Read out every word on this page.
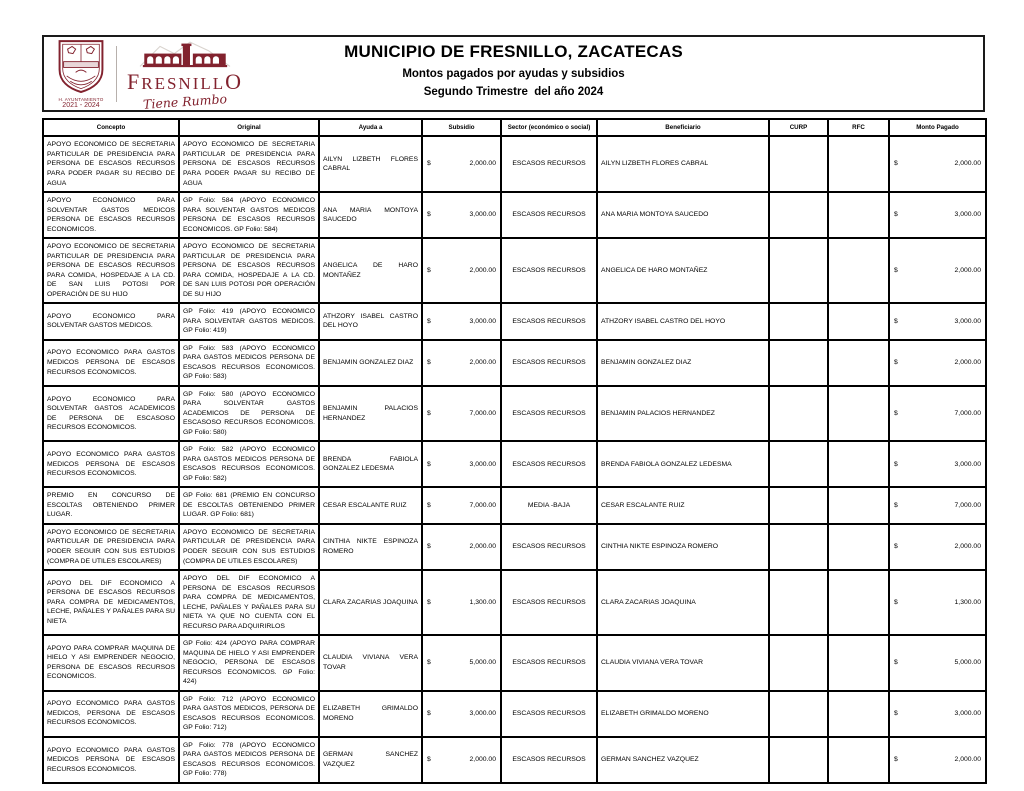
H. AYUNTAMIENTO
2021 - 2024
FRESNILLO
Tiene Rumbo
MUNICIPIO DE FRESNILLO, ZACATECAS
Montos pagados por ayudas y subsidios
Segundo Trimestre  del año 2024
Concepto	Original	Ayuda a	Subsidio	Sector (económico o social)	Beneficiario	CURP	RFC	Monto Pagado
APOYO ECONOMICO DE SECRETARIA PARTICULAR DE PRESIDENCIA PARA PERSONA DE ESCASOS RECURSOS PARA PODER PAGAR SU RECIBO DE AGUA	APOYO ECONOMICO DE SECRETARIA PARTICULAR DE PRESIDENCIA PARA PERSONA DE ESCASOS RECURSOS PARA PODER PAGAR SU RECIBO DE AGUA	AILYN LIZBETH FLORES CABRAL	$ 2,000.00	ESCASOS RECURSOS	AILYN LIZBETH FLORES CABRAL			$ 2,000.00

APOYO ECONOMICO PARA SOLVENTAR GASTOS MEDICOS PERSONA DE ESCASOS RECURSOS ECONOMICOS.	GP Folio: 584 (APOYO ECONOMICO PARA SOLVENTAR GASTOS MEDICOS PERSONA DE ESCASOS RECURSOS ECONOMICOS. GP Folio: 584)	ANA MARIA MONTOYA SAUCEDO	$ 3,000.00	ESCASOS RECURSOS	ANA MARIA MONTOYA SAUCEDO			$ 3,000.00

APOYO ECONOMICO DE SECRETARIA PARTICULAR DE PRESIDENCIA PARA PERSONA DE ESCASOS RECURSOS PARA COMIDA, HOSPEDAJE A LA CD. DE SAN LUIS POTOSI POR OPERACIÓN DE SU HIJO	APOYO ECONOMICO DE SECRETARIA PARTICULAR DE PRESIDENCIA PARA PERSONA DE ESCASOS RECURSOS PARA COMIDA, HOSPEDAJE A LA CD. DE SAN LUIS POTOSI POR OPERACIÓN DE SU HIJO	ANGELICA DE HARO MONTAÑEZ	$ 2,000.00	ESCASOS RECURSOS	ANGELICA DE HARO MONTAÑEZ			$ 2,000.00

APOYO ECONOMICO PARA SOLVENTAR GASTOS MEDICOS.	GP Folio: 419 (APOYO ECONOMICO PARA SOLVENTAR GASTOS MEDICOS. GP Folio: 419)	ATHZORY ISABEL CASTRO DEL HOYO	$ 3,000.00	ESCASOS RECURSOS	ATHZORY ISABEL CASTRO DEL HOYO			$ 3,000.00

APOYO ECONOMICO PARA GASTOS MEDICOS PERSONA DE ESCASOS RECURSOS ECONOMICOS.	GP Folio: 583 (APOYO ECONOMICO PARA GASTOS MEDICOS PERSONA DE ESCASOS RECURSOS ECONOMICOS. GP Folio: 583)	BENJAMIN GONZALEZ DIAZ	$ 2,000.00	ESCASOS RECURSOS	BENJAMIN GONZALEZ DIAZ			$ 2,000.00

APOYO ECONOMICO PARA SOLVENTAR GASTOS ACADEMICOS DE PERSONA DE ESCASOSO RECURSOS ECONOMICOS.	GP Folio: 580 (APOYO ECONOMICO PARA SOLVENTAR GASTOS ACADEMICOS DE PERSONA DE ESCASOSO RECURSOS ECONOMICOS. GP Folio: 580)	BENJAMIN PALACIOS HERNANDEZ	$ 7,000.00	ESCASOS RECURSOS	BENJAMIN PALACIOS HERNANDEZ			$ 7,000.00

APOYO ECONOMICO PARA GASTOS MEDICOS PERSONA DE ESCASOS RECURSOS ECONOMICOS.	GP Folio: 582 (APOYO ECONOMICO PARA GASTOS MEDICOS PERSONA DE ESCASOS RECURSOS ECONOMICOS. GP Folio: 582)	BRENDA FABIOLA GONZALEZ LEDESMA	$ 3,000.00	ESCASOS RECURSOS	BRENDA FABIOLA GONZALEZ LEDESMA			$ 3,000.00

PREMIO EN CONCURSO DE ESCOLTAS OBTENIENDO PRIMER LUGAR.	GP Folio: 681 (PREMIO EN CONCURSO DE ESCOLTAS OBTENIENDO PRIMER LUGAR. GP Folio: 681)	CESAR ESCALANTE RUIZ	$ 7,000.00	MEDIA -BAJA	CESAR ESCALANTE RUIZ			$ 7,000.00

APOYO ECONOMICO DE SECRETARIA PARTICULAR DE PRESIDENCIA PARA PODER SEGUIR CON SUS ESTUDIOS (COMPRA DE UTILES ESCOLARES)	APOYO ECONOMICO DE SECRETARIA PARTICULAR DE PRESIDENCIA PARA PODER SEGUIR CON SUS ESTUDIOS (COMPRA DE UTILES ESCOLARES)	CINTHIA NIKTE ESPINOZA ROMERO	$ 2,000.00	ESCASOS RECURSOS	CINTHIA NIKTE ESPINOZA ROMERO			$ 2,000.00

APOYO DEL DIF ECONOMICO A PERSONA DE ESCASOS RECURSOS PARA COMPRA DE MEDICAMENTOS, LECHE, PAÑALES Y PAÑALES PARA SU NIETA	APOYO DEL DIF ECONOMICO A PERSONA DE ESCASOS RECURSOS PARA COMPRA DE MEDICAMENTOS, LECHE, PAÑALES Y PAÑALES PARA SU NIETA YA QUE NO CUENTA CON EL RECURSO PARA ADQUIRIRLOS	CLARA ZACARIAS JOAQUINA	$ 1,300.00	ESCASOS RECURSOS	CLARA ZACARIAS JOAQUINA			$ 1,300.00

APOYO PARA COMPRAR MAQUINA DE HIELO Y ASI EMPRENDER NEGOCIO, PERSONA DE ESCASOS RECURSOS ECONOMICOS.	GP Folio: 424 (APOYO PARA COMPRAR MAQUINA DE HIELO Y ASI EMPRENDER NEGOCIO, PERSONA DE ESCASOS RECURSOS ECONOMICOS. GP Folio: 424)	CLAUDIA VIVIANA VERA TOVAR	$ 5,000.00	ESCASOS RECURSOS	CLAUDIA VIVIANA VERA TOVAR			$ 5,000.00

APOYO ECONOMICO PARA GASTOS MEDICOS, PERSONA DE ESCASOS RECURSOS ECONOMICOS.	GP Folio: 712 (APOYO ECONOMICO PARA GASTOS MEDICOS, PERSONA DE ESCASOS RECURSOS ECONOMICOS. GP Folio: 712)	ELIZABETH GRIMALDO MORENO	$ 3,000.00	ESCASOS RECURSOS	ELIZABETH GRIMALDO MORENO			$ 3,000.00

APOYO ECONOMICO PARA GASTOS MEDICOS PERSONA DE ESCASOS RECURSOS ECONOMICOS.	GP Folio: 778 (APOYO ECONOMICO PARA GASTOS MEDICOS PERSONA DE ESCASOS RECURSOS ECONOMICOS. GP Folio: 778)	GERMAN SANCHEZ VAZQUEZ	$ 2,000.00	ESCASOS RECURSOS	GERMAN SANCHEZ VAZQUEZ			$ 2,000.00
